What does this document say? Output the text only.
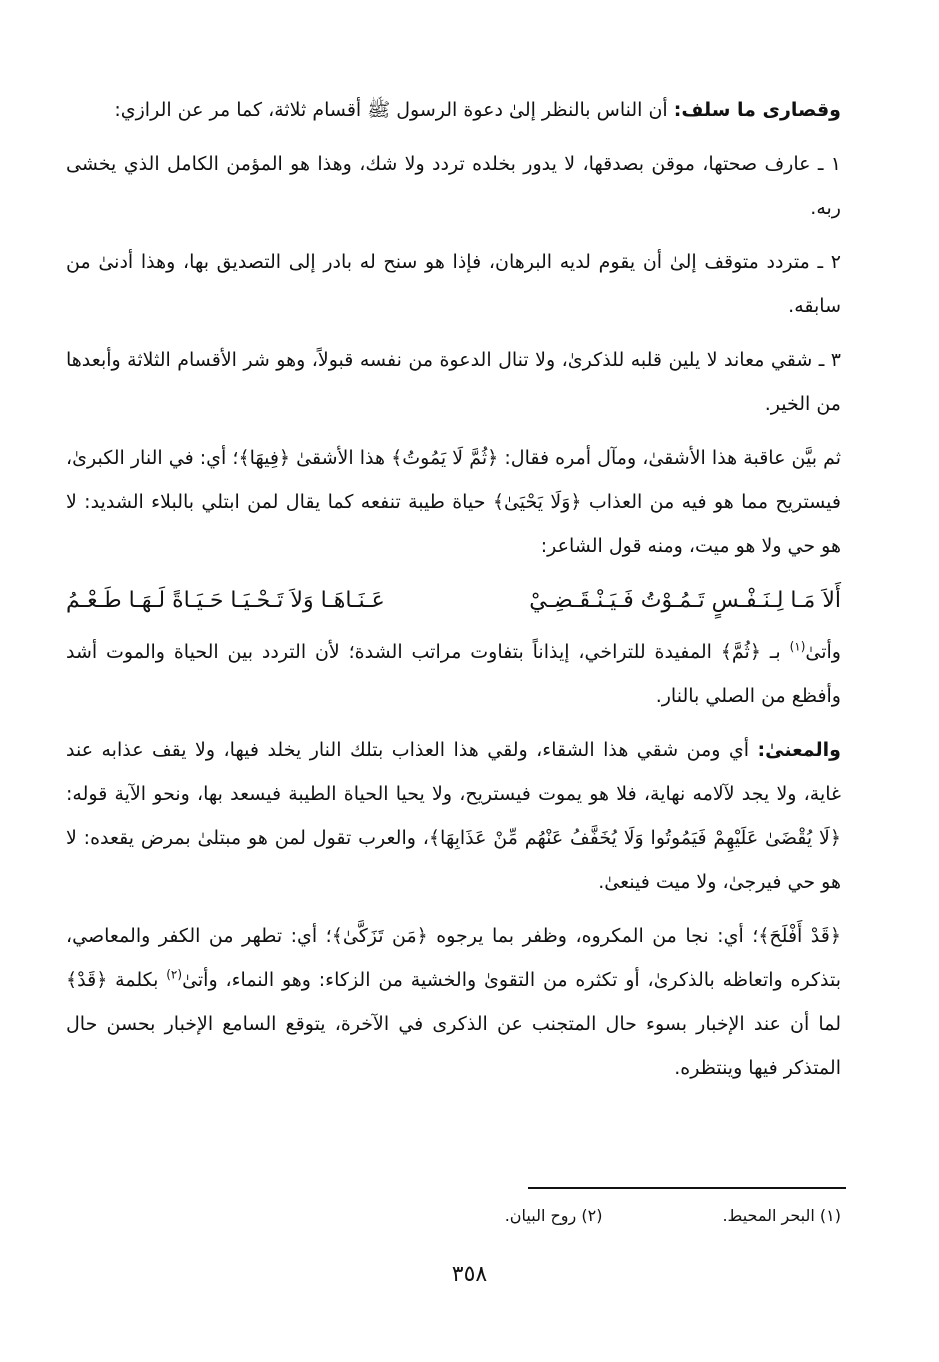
وقصارى ما سلف: أن الناس بالنظر إلىٰ دعوة الرسول ﷺ أقسام ثلاثة، كما مر عن الرازي:

١ ـ عارف صحتها، موقن بصدقها، لا يدور بخلده تردد ولا شك، وهذا هو المؤمن الكامل الذي يخشى ربه.

٢ ـ متردد متوقف إلىٰ أن يقوم لديه البرهان، فإذا هو سنح له بادر إلى التصديق بها، وهذا أدنىٰ من سابقه.

٣ ـ شقي معاند لا يلين قلبه للذكرىٰ، ولا تنال الدعوة من نفسه قبولاً، وهو شر الأقسام الثلاثة وأبعدها من الخير.

ثم بيَّن عاقبة هذا الأشقىٰ، ومآل أمره فقال: ﴿ثُمَّ لَا يَمُوتُ﴾ هذا الأشقىٰ ﴿فِيهَا﴾؛ أي: في النار الكبرىٰ، فيستريح مما هو فيه من العذاب ﴿وَلَا يَحْيَىٰ﴾ حياة طيبة تنفعه كما يقال لمن ابتلي بالبلاء الشديد: لا هو حي ولا هو ميت، ومنه قول الشاعر:

أَلاَ مَـا لِـنَـفْـسٍ تَـمُـوْتُ فَـيَـنْـقَـضِـيْ
عَـنَـاهَـا وَلاَ تَـحْـيَـا حَـيَـاةً لَـهَـا طَـعْـمُ

وأتىٰ$^{(١)}$ بـ ﴿ثُمَّ﴾ المفيدة للتراخي، إيذاناً بتفاوت مراتب الشدة؛ لأن التردد بين الحياة والموت أشد وأفظع من الصلي بالنار.

والمعنىٰ: أي ومن شقي هذا الشقاء، ولقي هذا العذاب بتلك النار يخلد فيها، ولا يقف عذابه عند غاية، ولا يجد لآلامه نهاية، فلا هو يموت فيستريح، ولا يحيا الحياة الطيبة فيسعد بها، ونحو الآية قوله: ﴿لَا يُقْضَىٰ عَلَيْهِمْ فَيَمُوتُوا وَلَا يُخَفَّفُ عَنْهُم مِّنْ عَذَابِهَا﴾، والعرب تقول لمن هو مبتلىٰ بمرض يقعده: لا هو حي فيرجىٰ، ولا ميت فينعىٰ.

﴿قَدْ أَفْلَحَ﴾؛ أي: نجا من المكروه، وظفر بما يرجوه ﴿مَن تَزَكَّىٰ﴾؛ أي: تطهر من الكفر والمعاصي، بتذكره واتعاظه بالذكرىٰ، أو تكثره من التقوىٰ والخشية من الزكاء: وهو النماء، وأتىٰ$^{(٢)}$ بكلمة ﴿قَدْ﴾ لما أن عند الإخبار بسوء حال المتجنب عن الذكرى في الآخرة، يتوقع السامع الإخبار بحسن حال المتذكر فيها وينتظره.

(١) البحر المحيط.
(٢) روح البيان.
٣٥٨
